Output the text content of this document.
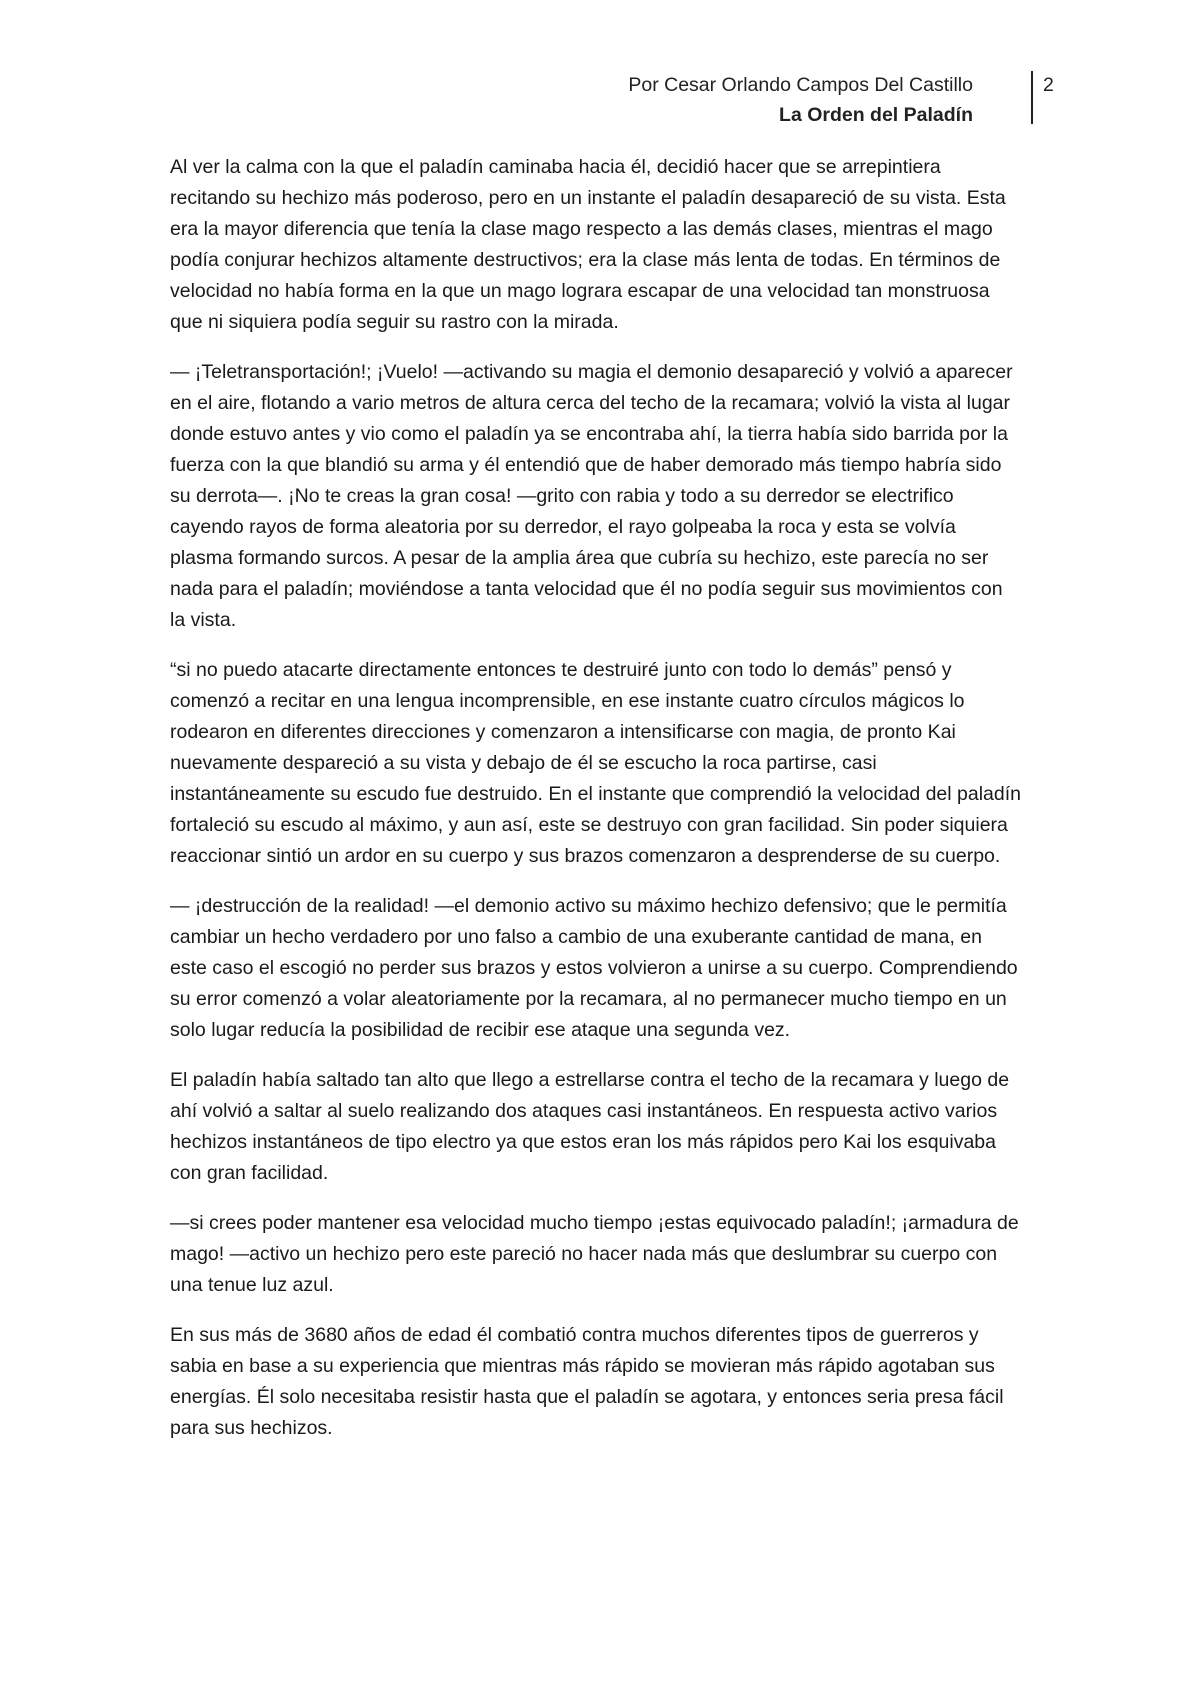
Por Cesar Orlando Campos Del Castillo
La Orden del Paladín
2

Al ver la calma con la que el paladín caminaba hacia él, decidió hacer que se arrepintiera recitando su hechizo más poderoso, pero en un instante el paladín desapareció de su vista. Esta era la mayor diferencia que tenía la clase mago respecto a las demás clases, mientras el mago podía conjurar hechizos altamente destructivos; era la clase más lenta de todas. En términos de velocidad no había forma en la que un mago lograra escapar de una velocidad tan monstruosa que ni siquiera podía seguir su rastro con la mirada.

— ¡Teletransportación!; ¡Vuelo! —activando su magia el demonio desapareció y volvió a aparecer en el aire, flotando a vario metros de altura cerca del techo de la recamara; volvió la vista al lugar donde estuvo antes y vio como el paladín ya se encontraba ahí, la tierra había sido barrida por la fuerza con la que blandió su arma y él entendió que de haber demorado más tiempo habría sido su derrota—. ¡No te creas la gran cosa! —grito con rabia y todo a su derredor se electrifico cayendo rayos de forma aleatoria por su derredor, el rayo golpeaba la roca y esta se volvía plasma formando surcos. A pesar de la amplia área que cubría su hechizo, este parecía no ser nada para el paladín; moviéndose a tanta velocidad que él no podía seguir sus movimientos con la vista.

“si no puedo atacarte directamente entonces te destruiré junto con todo lo demás” pensó y comenzó a recitar en una lengua incomprensible, en ese instante cuatro círculos mágicos lo rodearon en diferentes direcciones y comenzaron a intensificarse con magia, de pronto Kai nuevamente despareció a su vista y debajo de él se escucho la roca partirse, casi instantáneamente su escudo fue destruido. En el instante que comprendió la velocidad del paladín fortaleció su escudo al máximo, y aun así, este se destruyo con gran facilidad. Sin poder siquiera reaccionar sintió un ardor en su cuerpo y sus brazos comenzaron a desprenderse de su cuerpo.

— ¡destrucción de la realidad! —el demonio activo su máximo hechizo defensivo; que le permitía cambiar un hecho verdadero por uno falso a cambio de una exuberante cantidad de mana, en este caso el escogió no perder sus brazos y estos volvieron a unirse a su cuerpo. Comprendiendo su error comenzó a volar aleatoriamente por la recamara, al no permanecer mucho tiempo en un solo lugar reducía la posibilidad de recibir ese ataque una segunda vez.

El paladín había saltado tan alto que llego a estrellarse contra el techo de la recamara y luego de ahí volvió a saltar al suelo realizando dos ataques casi instantáneos. En respuesta activo varios hechizos instantáneos de tipo electro ya que estos eran los más rápidos pero Kai los esquivaba con gran facilidad.

—si crees poder mantener esa velocidad mucho tiempo ¡estas equivocado paladín!; ¡armadura de mago! —activo un hechizo pero este pareció no hacer nada más que deslumbrar su cuerpo con una tenue luz azul.

En sus más de 3680 años de edad él combatió contra muchos diferentes tipos de guerreros y sabia en base a su experiencia que mientras más rápido se movieran más rápido agotaban sus energías. Él solo necesitaba resistir hasta que el paladín se agotara, y entonces seria presa fácil para sus hechizos.
